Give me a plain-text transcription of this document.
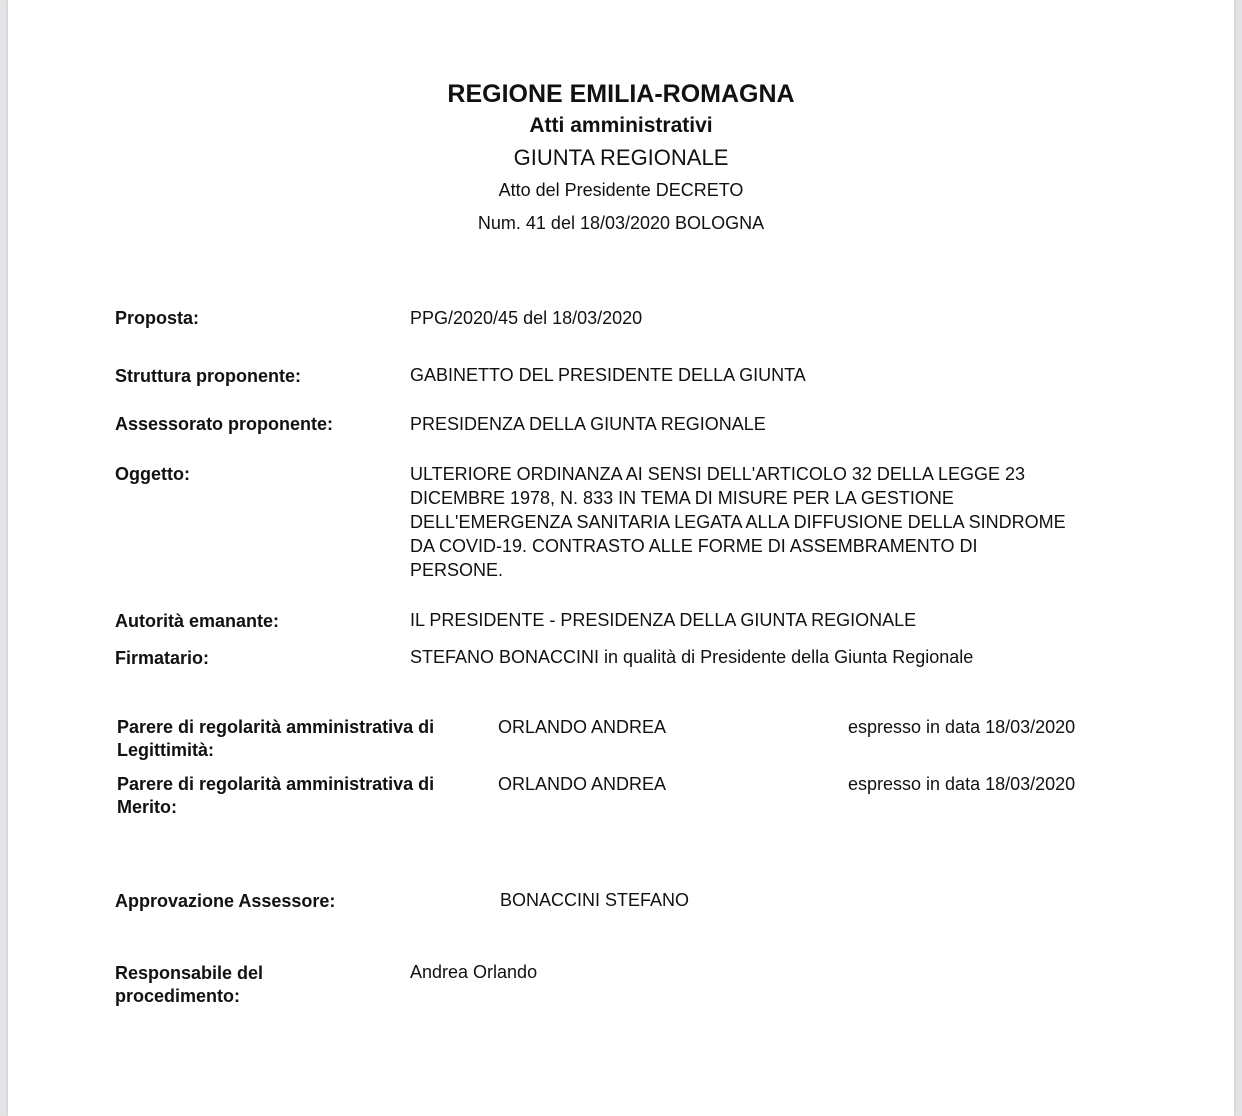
REGIONE EMILIA-ROMAGNA
Atti amministrativi
GIUNTA REGIONALE
Atto del Presidente DECRETO
Num. 41 del 18/03/2020 BOLOGNA
Proposta:	PPG/2020/45 del 18/03/2020
Struttura proponente:	GABINETTO DEL PRESIDENTE DELLA GIUNTA
Assessorato proponente:	PRESIDENZA DELLA GIUNTA REGIONALE
Oggetto:	ULTERIORE ORDINANZA AI SENSI DELL'ARTICOLO 32 DELLA LEGGE 23
DICEMBRE 1978, N. 833 IN TEMA DI MISURE PER LA GESTIONE
DELL'EMERGENZA SANITARIA LEGATA ALLA DIFFUSIONE DELLA SINDROME
DA COVID-19. CONTRASTO ALLE FORME DI ASSEMBRAMENTO DI
PERSONE.
Autorità emanante:	IL PRESIDENTE - PRESIDENZA DELLA GIUNTA REGIONALE
Firmatario:	STEFANO BONACCINI in qualità di Presidente della Giunta Regionale
Parere di regolarità amministrativa di
Legittimità:
ORLANDO ANDREA	espresso in data 18/03/2020
Parere di regolarità amministrativa di
Merito:
ORLANDO ANDREA	espresso in data 18/03/2020
Approvazione Assessore:	BONACCINI STEFANO
Responsabile del
procedimento:
Andrea Orlando
